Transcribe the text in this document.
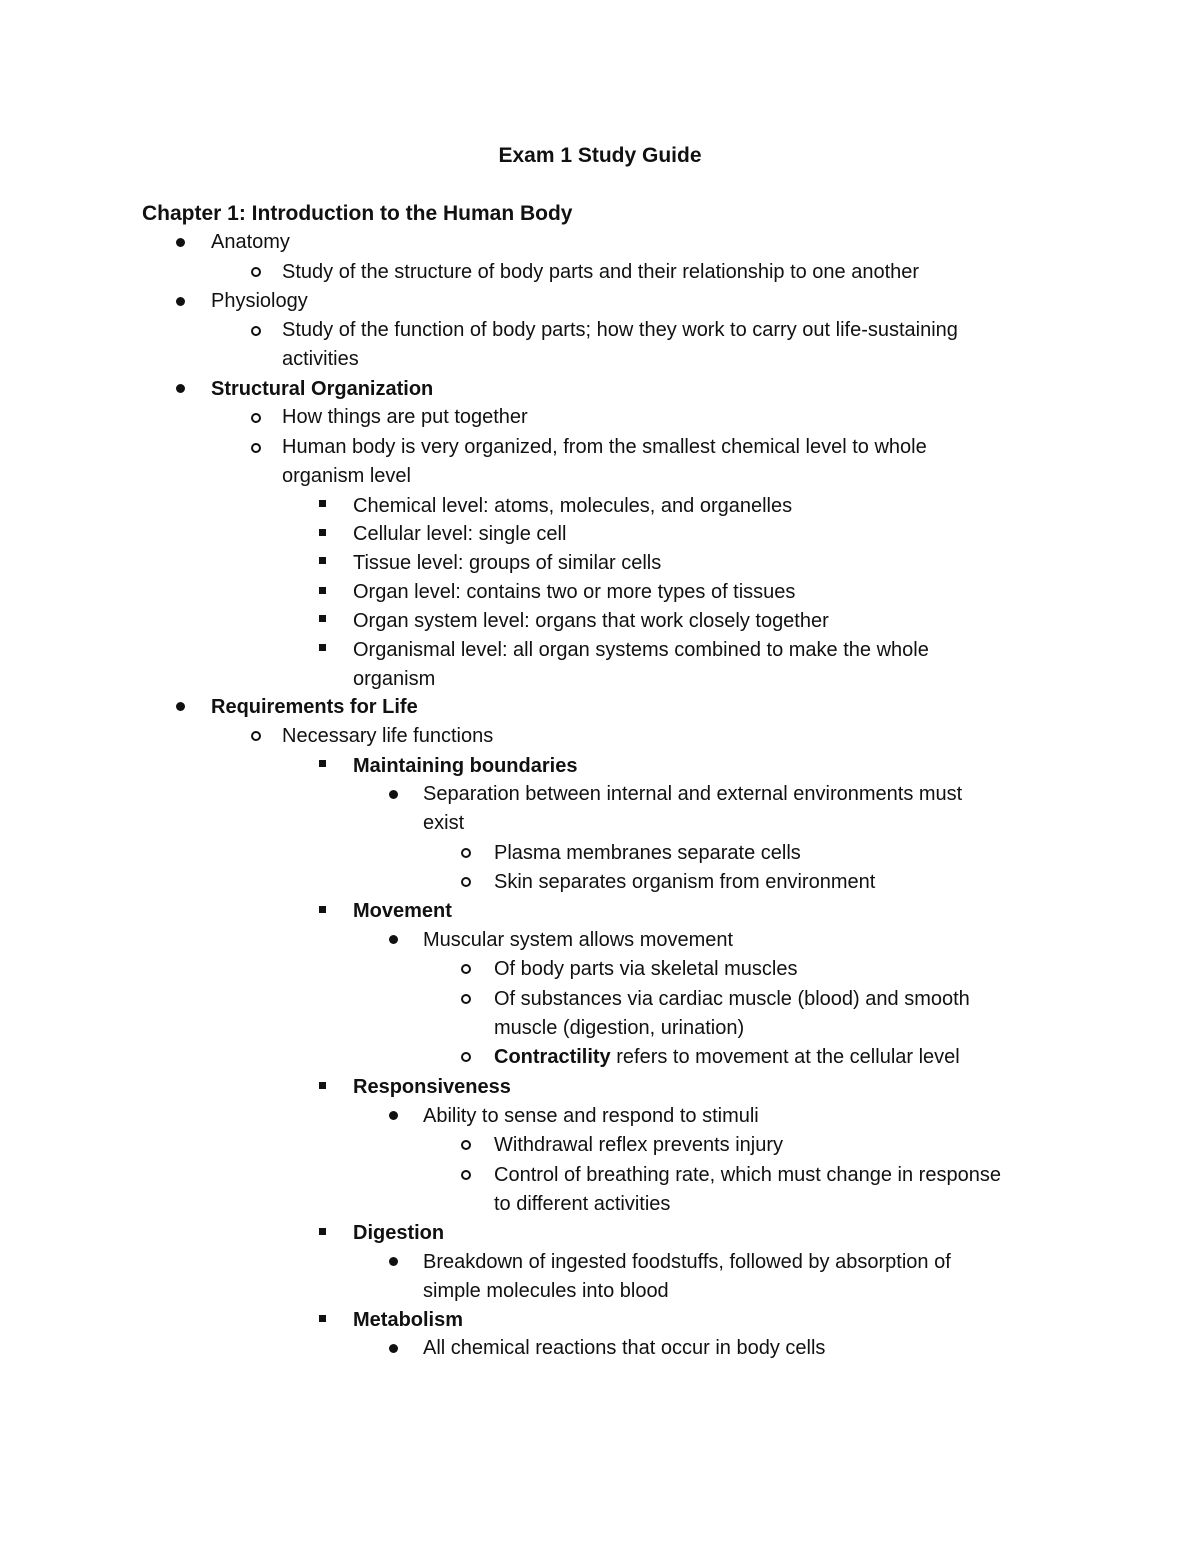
Exam 1 Study Guide
Chapter 1: Introduction to the Human Body
Anatomy
Study of the structure of body parts and their relationship to one another
Physiology
Study of the function of body parts; how they work to carry out life-sustaining
activities
Structural Organization
How things are put together
Human body is very organized, from the smallest chemical level to whole
organism level
Chemical level: atoms, molecules, and organelles
Cellular level: single cell
Tissue level: groups of similar cells
Organ level: contains two or more types of tissues
Organ system level: organs that work closely together
Organismal level: all organ systems combined to make the whole
organism
Requirements for Life
Necessary life functions
Maintaining boundaries
Separation between internal and external environments must
exist
Plasma membranes separate cells
Skin separates organism from environment
Movement
Muscular system allows movement
Of body parts via skeletal muscles
Of substances via cardiac muscle (blood) and smooth
muscle (digestion, urination)
Contractility refers to movement at the cellular level
Responsiveness
Ability to sense and respond to stimuli
Withdrawal reflex prevents injury
Control of breathing rate, which must change in response
to different activities
Digestion
Breakdown of ingested foodstuffs, followed by absorption of
simple molecules into blood
Metabolism
All chemical reactions that occur in body cells
